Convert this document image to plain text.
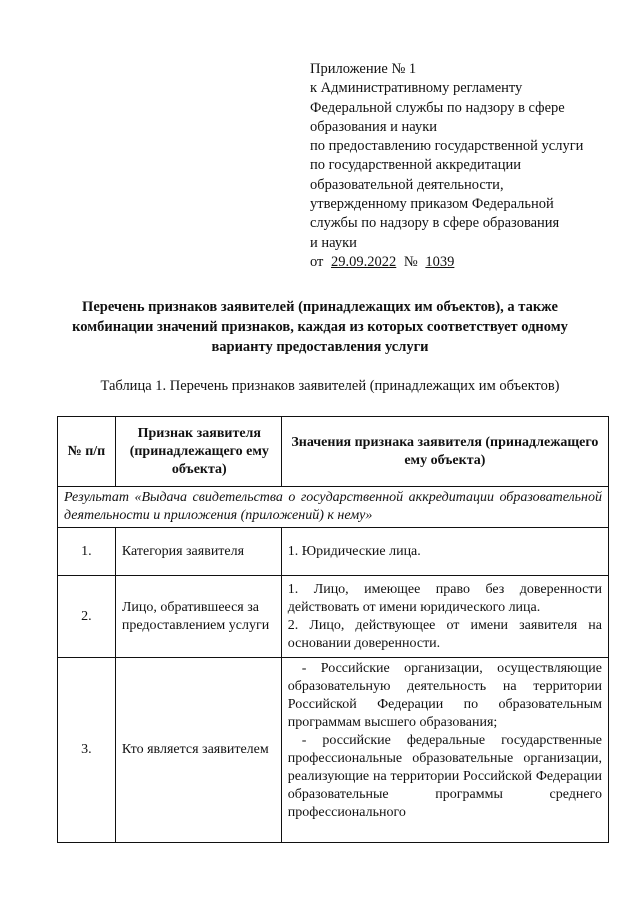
Приложение № 1
к Административному регламенту
Федеральной службы по надзору в сфере
образования и науки
по предоставлению государственной услуги
по государственной аккредитации
образовательной деятельности,
утвержденному приказом Федеральной
службы по надзору в сфере образования
и науки
от 29.09.2022 № 1039
Перечень признаков заявителей (принадлежащих им объектов), а также комбинации значений признаков, каждая из которых соответствует одному варианту предоставления услуги
Таблица 1. Перечень признаков заявителей (принадлежащих им объектов)
№ п/п	Признак заявителя (принадлежащего ему объекта)	Значения признака заявителя (принадлежащего ему объекта)
Результат «Выдача свидетельства о государственной аккредитации образовательной деятельности и приложения (приложений) к нему»		
1.	Категория заявителя	1. Юридические лица.

2.	Лицо, обратившееся за предоставлением услуги	1. Лицо, имеющее право без доверенности действовать от имени юридического лица.

2. Лицо, действующее от имени заявителя на основании доверенности.

3.	Кто является заявителем	- Российские организации, осуществляющие образовательную деятельность на территории Российской Федерации по образовательным программам высшего образования;

- российские федеральные государственные профессиональные образовательные организации, реализующие на территории Российской Федерации образовательные программы среднего профессионального
